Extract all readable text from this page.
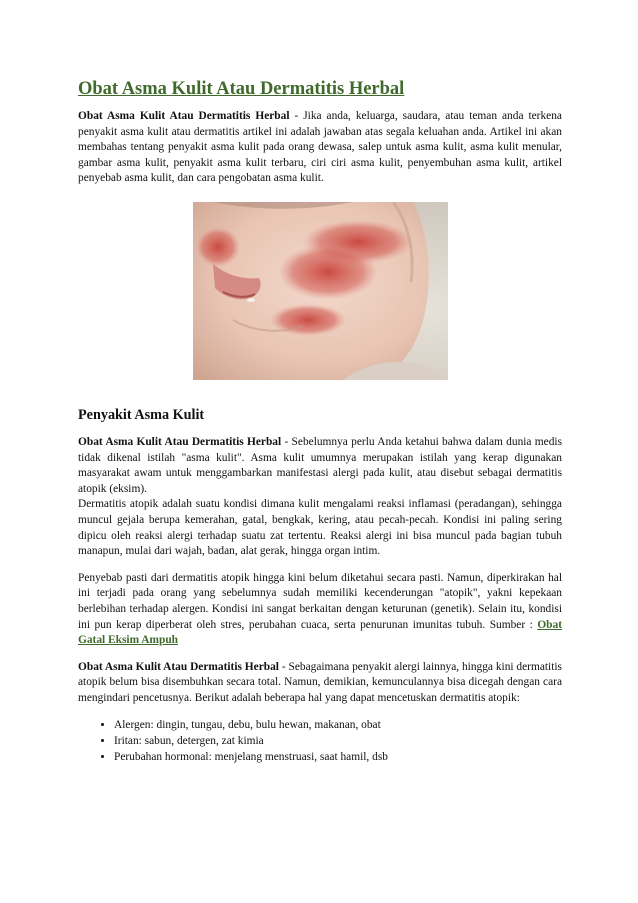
Obat Asma Kulit Atau Dermatitis Herbal

Obat Asma Kulit Atau Dermatitis Herbal - Jika anda, keluarga, saudara, atau teman anda terkena penyakit asma kulit atau dermatitis artikel ini adalah jawaban atas segala keluahan anda. Artikel ini akan membahas tentang penyakit asma kulit pada orang dewasa, salep untuk asma kulit, asma kulit menular, gambar asma kulit, penyakit asma kulit terbaru, ciri ciri asma kulit, penyembuhan asma kulit, artikel penyebab asma kulit, dan cara pengobatan asma kulit.

Penyakit Asma Kulit

Obat Asma Kulit Atau Dermatitis Herbal - Sebelumnya perlu Anda ketahui bahwa dalam dunia medis tidak dikenal istilah "asma kulit". Asma kulit umumnya merupakan istilah yang kerap digunakan masyarakat awam untuk menggambarkan manifestasi alergi pada kulit, atau disebut sebagai dermatitis atopik (eksim).

Dermatitis atopik adalah suatu kondisi dimana kulit mengalami reaksi inflamasi (peradangan), sehingga muncul gejala berupa kemerahan, gatal, bengkak, kering, atau pecah-pecah. Kondisi ini paling sering dipicu oleh reaksi alergi terhadap suatu zat tertentu. Reaksi alergi ini bisa muncul pada bagian tubuh manapun, mulai dari wajah, badan, alat gerak, hingga organ intim.

Penyebab pasti dari dermatitis atopik hingga kini belum diketahui secara pasti. Namun, diperkirakan hal ini terjadi pada orang yang sebelumnya sudah memiliki kecenderungan "atopik", yakni kepekaan berlebihan terhadap alergen. Kondisi ini sangat berkaitan dengan keturunan (genetik). Selain itu, kondisi ini pun kerap diperberat oleh stres, perubahan cuaca, serta penurunan imunitas tubuh. Sumber : Obat Gatal Eksim Ampuh

Obat Asma Kulit Atau Dermatitis Herbal - Sebagaimana penyakit alergi lainnya, hingga kini dermatitis atopik belum bisa disembuhkan secara total. Namun, demikian, kemunculannya bisa dicegah dengan cara mengindari pencetusnya. Berikut adalah beberapa hal yang dapat mencetuskan dermatitis atopik:

• Alergen: dingin, tungau, debu, bulu hewan, makanan, obat
• Iritan: sabun, detergen, zat kimia
• Perubahan hormonal: menjelang menstruasi, saat hamil, dsb
